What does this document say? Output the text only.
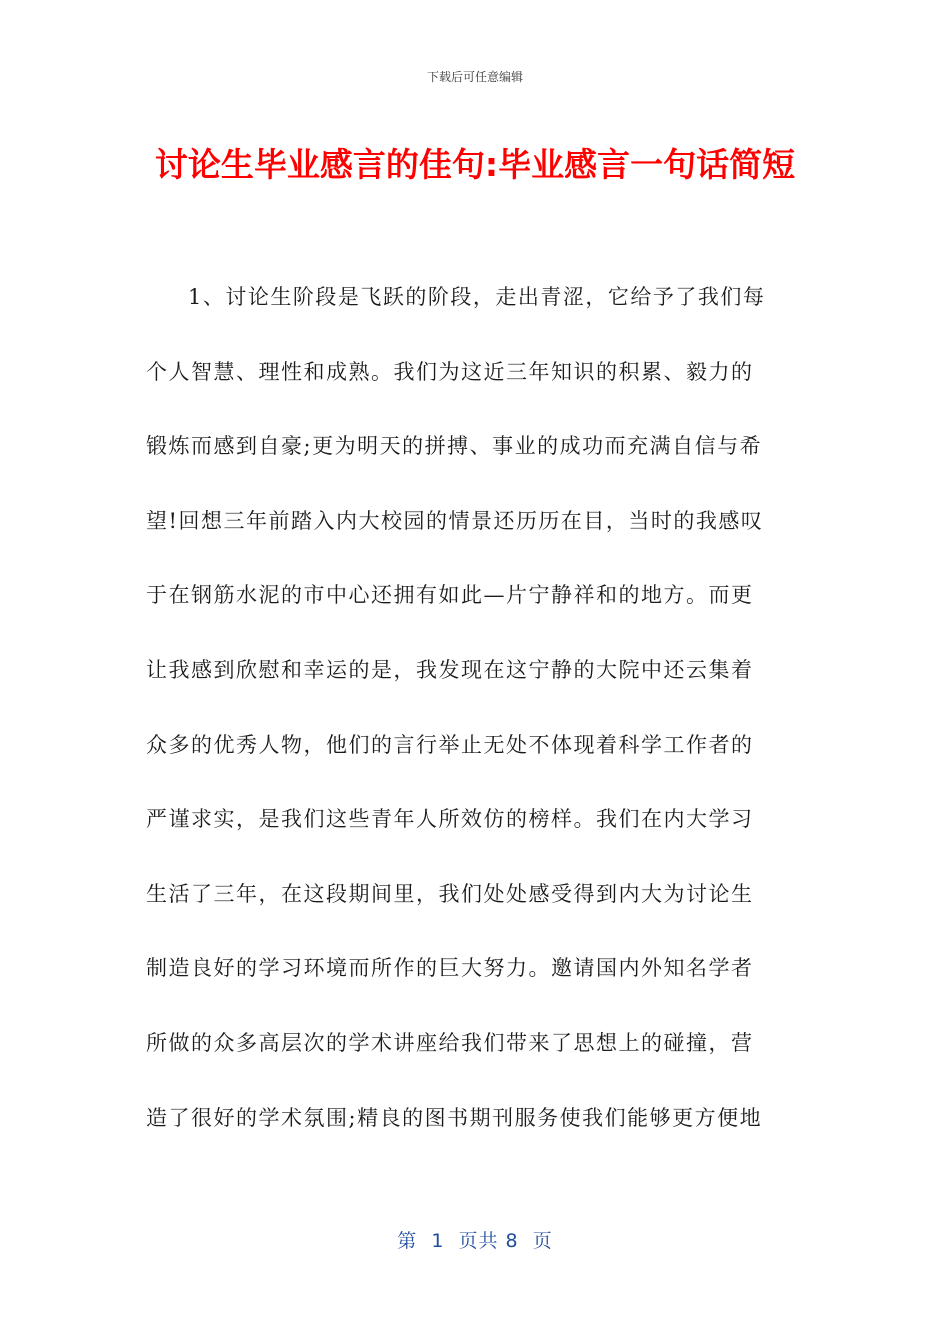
下载后可任意编辑
讨论生毕业感言的佳句:毕业感言一句话简短
1、讨论生阶段是飞跃的阶段，走出青涩，它给予了我们每
个人智慧、理性和成熟。我们为这近三年知识的积累、毅力的
锻炼而感到自豪;更为明天的拼搏、事业的成功而充满自信与希
望!回想三年前踏入内大校园的情景还历历在目，当时的我感叹
于在钢筋水泥的市中心还拥有如此—片宁静祥和的地方。而更
让我感到欣慰和幸运的是，我发现在这宁静的大院中还云集着
众多的优秀人物，他们的言行举止无处不体现着科学工作者的
严谨求实，是我们这些青年人所效仿的榜样。我们在内大学习
生活了三年，在这段期间里，我们处处感受得到内大为讨论生
制造良好的学习环境而所作的巨大努力。邀请国内外知名学者
所做的众多高层次的学术讲座给我们带来了思想上的碰撞，营
造了很好的学术氛围;精良的图书期刊服务使我们能够更方便地
第  1  页共 8  页
